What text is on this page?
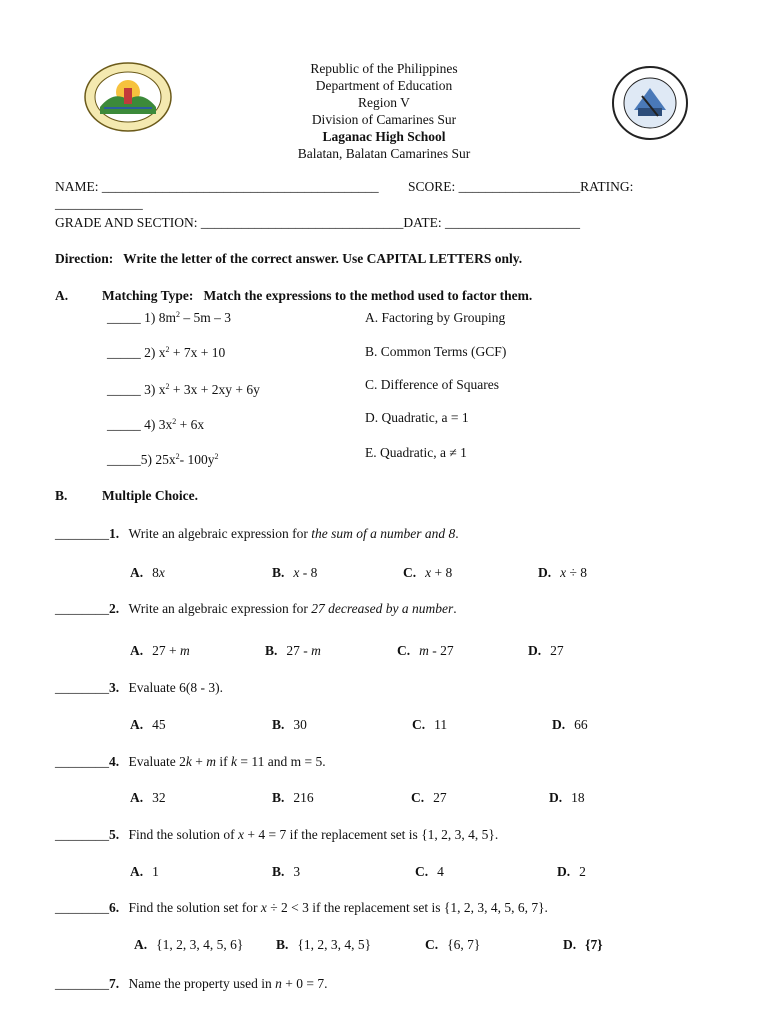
Republic of the Philippines
Department of Education
Region V
Division of Camarines Sur
Laganac High School
Balatan, Balatan Camarines Sur
NAME: _________________________________________ SCORE: __________________RATING:
_____________
GRADE AND SECTION: ______________________________DATE: ____________________
Direction: Write the letter of the correct answer. Use CAPITAL LETTERS only.
A.	Matching Type: Match the expressions to the method used to factor them.
_____ 1) $8m^2 - 5m - 3$
_____ 2) $x^2 + 7x + 10$
_____ 3) $x^2 + 3x + 2xy + 6y$
_____ 4) $3x^2 + 6x$
_____5) $25x^2-$ $100y^2$
A. Factoring by Grouping
B. Common Terms (GCF)
C. Difference of Squares
D. Quadratic, a = 1
E. Quadratic, a ≠ 1
B.	Multiple Choice.
________1. Write an algebraic expression for the sum of a number and 8.
A. 8x	B. x - 8	C. x + 8	D. x ÷ 8
________2. Write an algebraic expression for 27 decreased by a number.
A. 27 + m	B. 27 - m	C. m - 27	D. 27
________3. Evaluate 6(8 - 3).
A. 45	B. 30	C. 11	D. 66
________4. Evaluate 2k + m if k = 11 and m = 5.
A. 32	B. 216	C. 27	D. 18
________5. Find the solution of x + 4 = 7 if the replacement set is {1, 2, 3, 4, 5}.
A. 1	B. 3	C. 4	D. 2
________6. Find the solution set for x ÷ 2 < 3 if the replacement set is {1, 2, 3, 4, 5, 6, 7}.
A. {1, 2, 3, 4, 5, 6} B. {1, 2, 3, 4, 5}	C. {6, 7}	D. {7}
________7. Name the property used in n + 0 = 7.
